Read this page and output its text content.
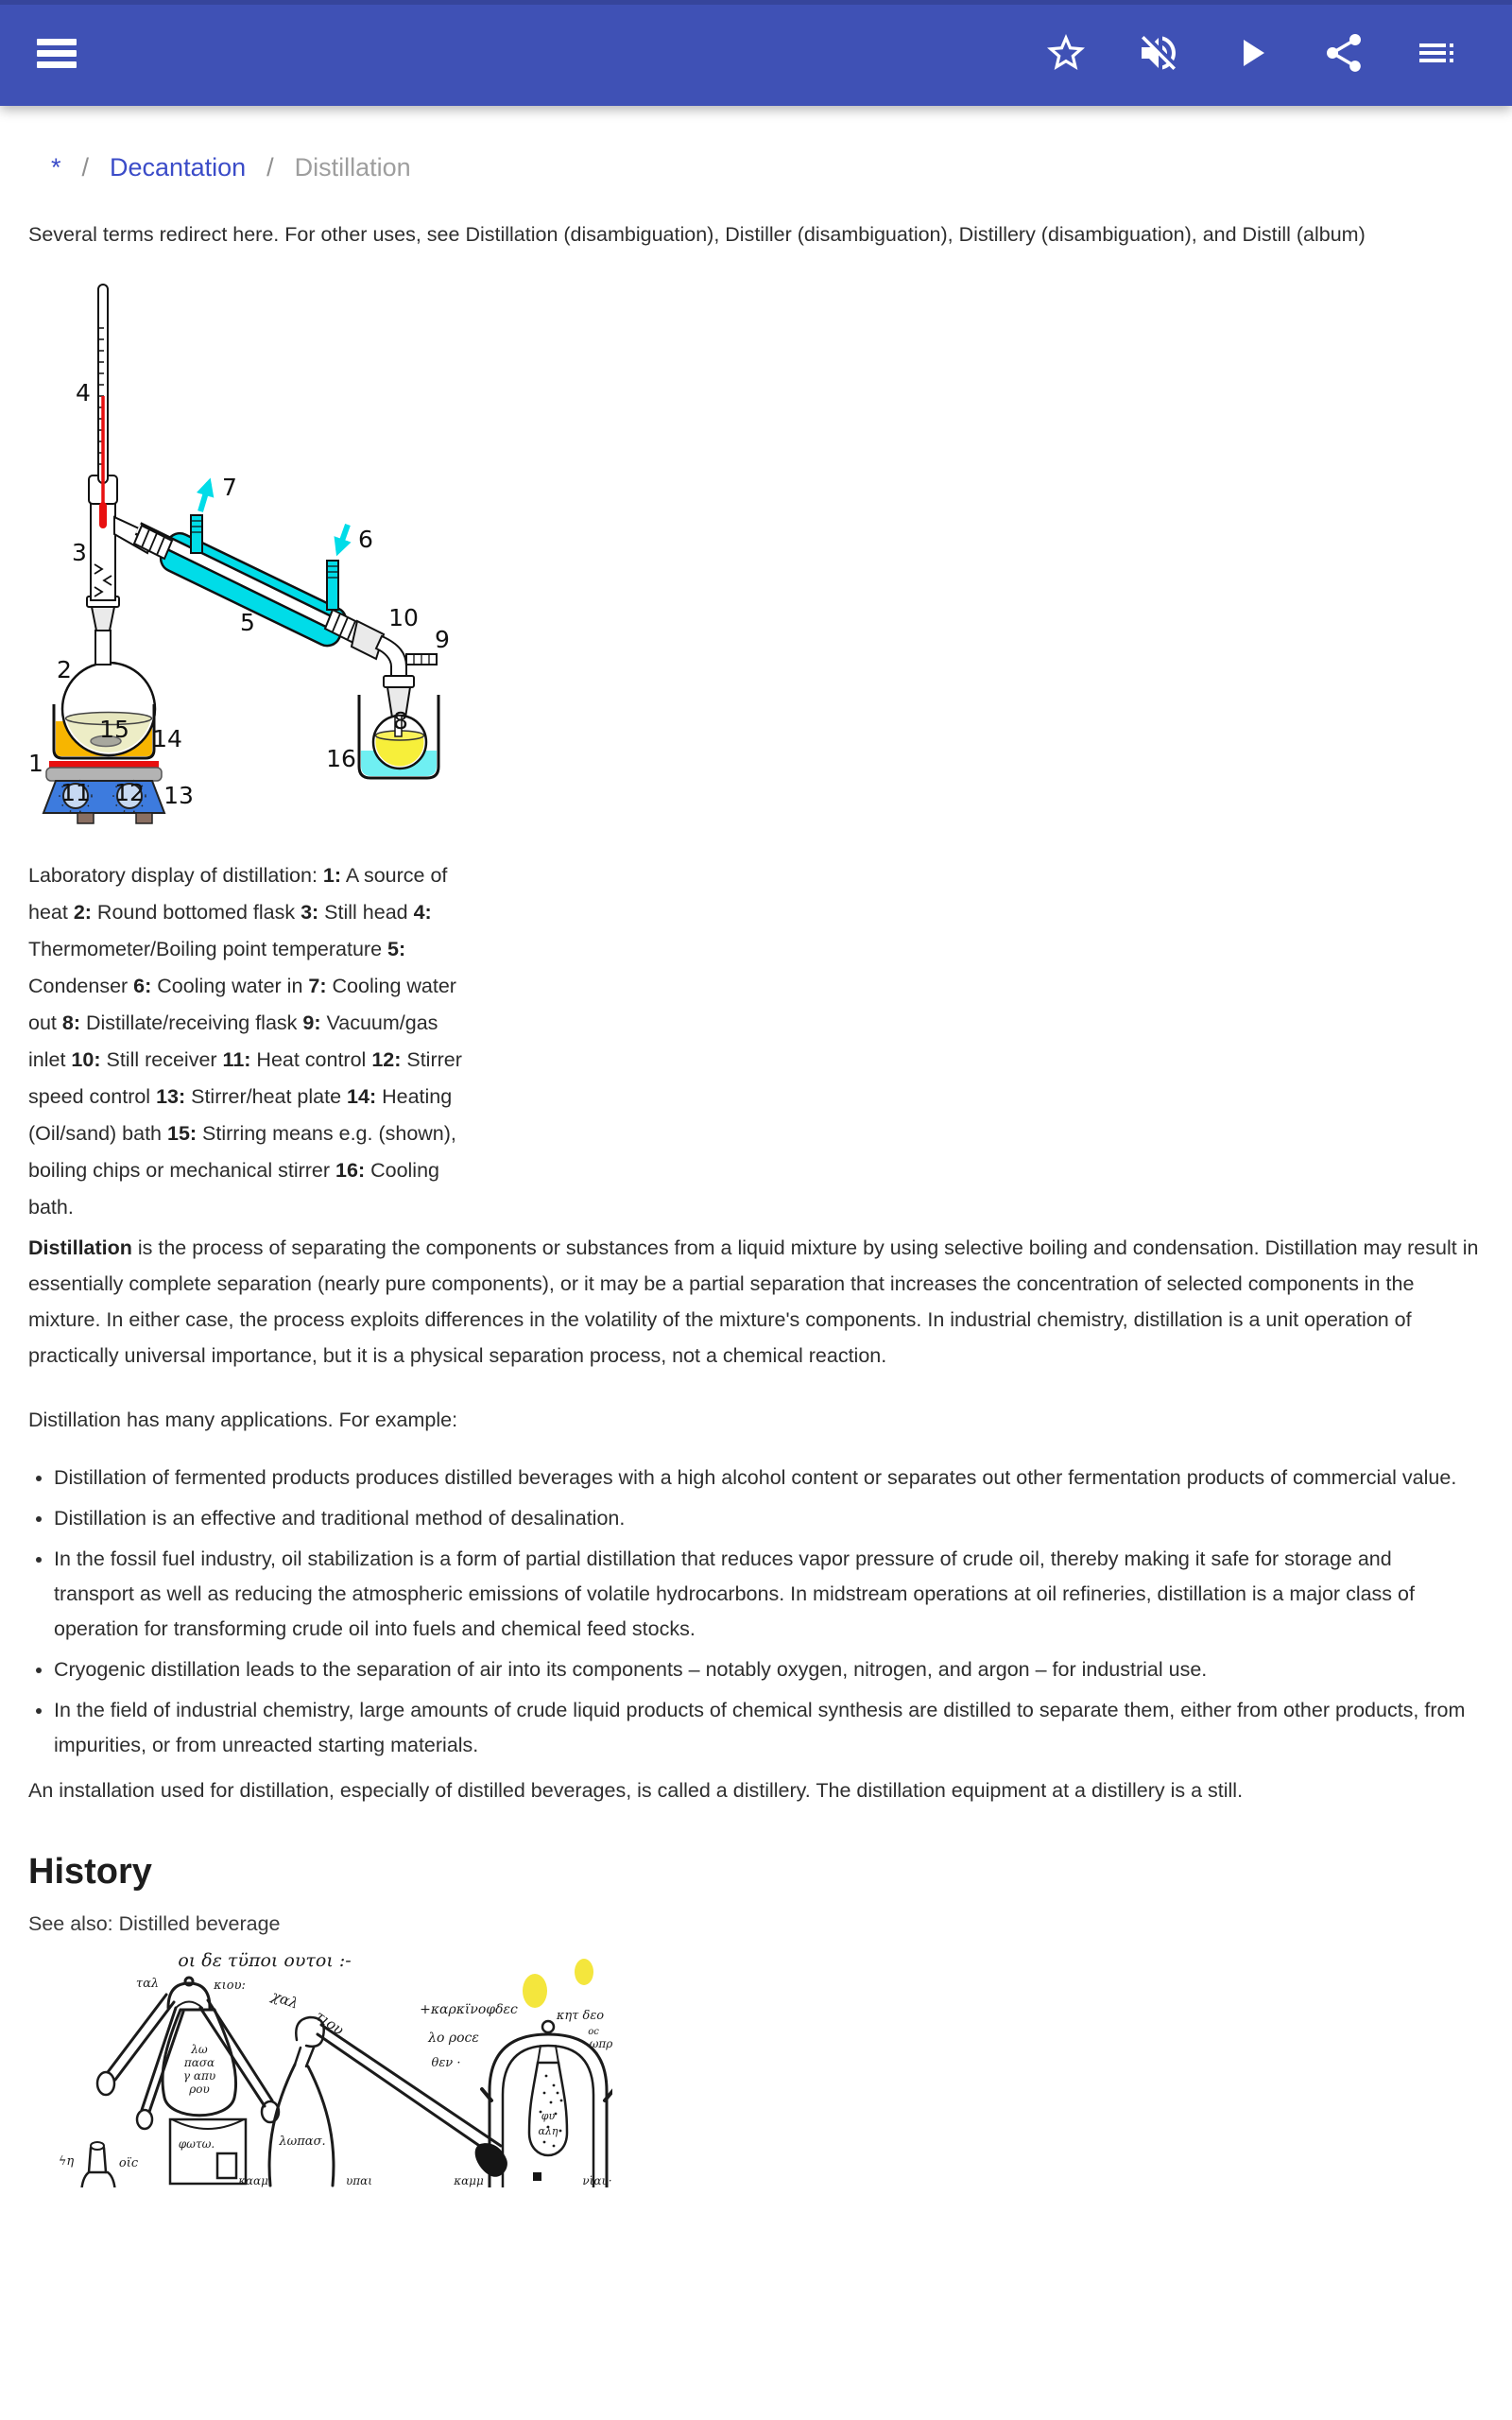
* / Decantation / Distillation

Several terms redirect here. For other uses, see Distillation (disambiguation), Distiller (disambiguation), Distillery (disambiguation), and Distill (album)

1
2
3
4
5
6
7
8
9
10
11 12 13
14
15
16
Laboratory display of distillation: 1: A source of heat 2: Round bottomed flask 3: Still head 4: Thermometer/Boiling point temperature 5: Condenser 6: Cooling water in 7: Cooling water out 8: Distillate/receiving flask 9: Vacuum/gas inlet 10: Still receiver 11: Heat control 12: Stirrer speed control 13: Stirrer/heat plate 14: Heating (Oil/sand) bath 15: Stirring means e.g. (shown), boiling chips or mechanical stirrer 16: Cooling bath.

Distillation is the process of separating the components or substances from a liquid mixture by using selective boiling and condensation. Distillation may result in essentially complete separation (nearly pure components), or it may be a partial separation that increases the concentration of selected components in the mixture. In either case, the process exploits differences in the volatility of the mixture's components. In industrial chemistry, distillation is a unit operation of practically universal importance, but it is a physical separation process, not a chemical reaction.

Distillation has many applications. For example:

• Distillation of fermented products produces distilled beverages with a high alcohol content or separates out other fermentation products of commercial value.
• Distillation is an effective and traditional method of desalination.
• In the fossil fuel industry, oil stabilization is a form of partial distillation that reduces vapor pressure of crude oil, thereby making it safe for storage and transport as well as reducing the atmospheric emissions of volatile hydrocarbons. In midstream operations at oil refineries, distillation is a major class of operation for transforming crude oil into fuels and chemical feed stocks.
• Cryogenic distillation leads to the separation of air into its components – notably oxygen, nitrogen, and argon – for industrial use.
• In the field of industrial chemistry, large amounts of crude liquid products of chemical synthesis are distilled to separate them, either from other products, from impurities, or from unreacted starting materials.

An installation used for distillation, especially of distilled beverages, is called a distillery. The distillation equipment at a distillery is a still.

History

See also: Distilled beverage

οι δε τϋποι ουτοι :-
ταλ	κιου:
χαλ
τιου
λω
πασα
γ απυ
ρου
φωτω.
ϟη	οϊc
λωπασ.
+καρκϊνοφδεc	κητ δεο
oc
ωπρ
λο ροcε
θεν ·
φυ
αλη
κααμ	υπαι	καμμ	νϊαυ·
